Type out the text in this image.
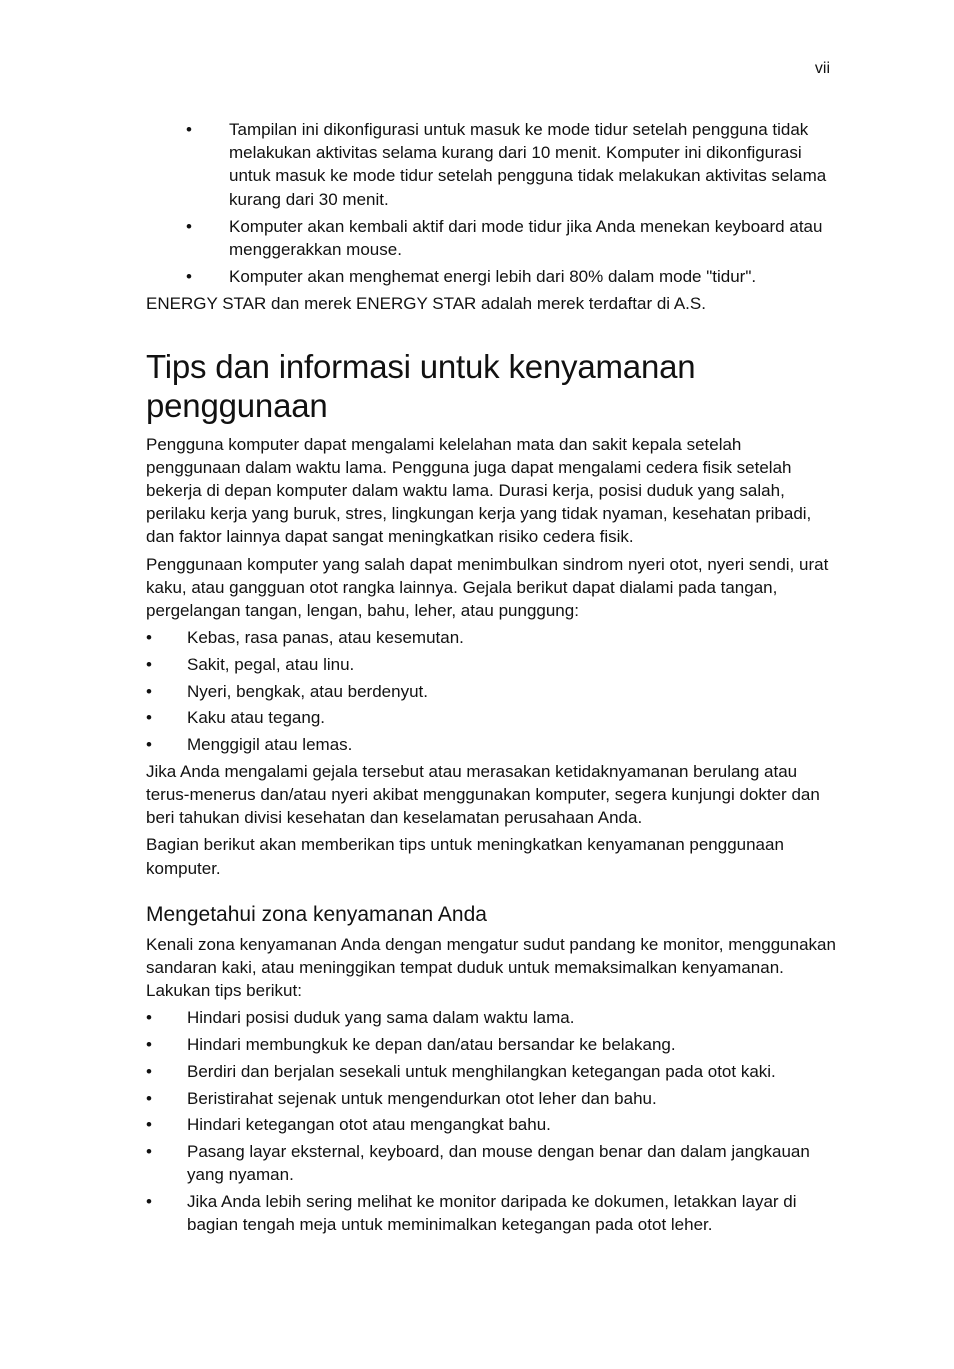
vii
• Tampilan ini dikonfigurasi untuk masuk ke mode tidur setelah pengguna tidak melakukan aktivitas selama kurang dari 10 menit. Komputer ini dikonfigurasi untuk masuk ke mode tidur setelah pengguna tidak melakukan aktivitas selama kurang dari 30 menit.
• Komputer akan kembali aktif dari mode tidur jika Anda menekan keyboard atau menggerakkan mouse.
• Komputer akan menghemat energi lebih dari 80% dalam mode "tidur".

ENERGY STAR dan merek ENERGY STAR adalah merek terdaftar di A.S.

Tips dan informasi untuk kenyamanan
penggunaan

Pengguna komputer dapat mengalami kelelahan mata dan sakit kepala setelah penggunaan dalam waktu lama. Pengguna juga dapat mengalami cedera fisik setelah bekerja di depan komputer dalam waktu lama. Durasi kerja, posisi duduk yang salah, perilaku kerja yang buruk, stres, lingkungan kerja yang tidak nyaman, kesehatan pribadi, dan faktor lainnya dapat sangat meningkatkan risiko cedera fisik.

Penggunaan komputer yang salah dapat menimbulkan sindrom nyeri otot, nyeri sendi, urat kaku, atau gangguan otot rangka lainnya. Gejala berikut dapat dialami pada tangan, pergelangan tangan, lengan, bahu, leher, atau punggung:

• Kebas, rasa panas, atau kesemutan.
• Sakit, pegal, atau linu.
• Nyeri, bengkak, atau berdenyut.
• Kaku atau tegang.
• Menggigil atau lemas.

Jika Anda mengalami gejala tersebut atau merasakan ketidaknyamanan berulang atau terus-menerus dan/atau nyeri akibat menggunakan komputer, segera kunjungi dokter dan beri tahukan divisi kesehatan dan keselamatan perusahaan Anda.

Bagian berikut akan memberikan tips untuk meningkatkan kenyamanan penggunaan komputer.

Mengetahui zona kenyamanan Anda

Kenali zona kenyamanan Anda dengan mengatur sudut pandang ke monitor, menggunakan sandaran kaki, atau meninggikan tempat duduk untuk memaksimalkan kenyamanan. Lakukan tips berikut:

• Hindari posisi duduk yang sama dalam waktu lama.
• Hindari membungkuk ke depan dan/atau bersandar ke belakang.
• Berdiri dan berjalan sesekali untuk menghilangkan ketegangan pada otot kaki.
• Beristirahat sejenak untuk mengendurkan otot leher dan bahu.
• Hindari ketegangan otot atau mengangkat bahu.
• Pasang layar eksternal, keyboard, dan mouse dengan benar dan dalam jangkauan yang nyaman.
• Jika Anda lebih sering melihat ke monitor daripada ke dokumen, letakkan layar di bagian tengah meja untuk meminimalkan ketegangan pada otot leher.
